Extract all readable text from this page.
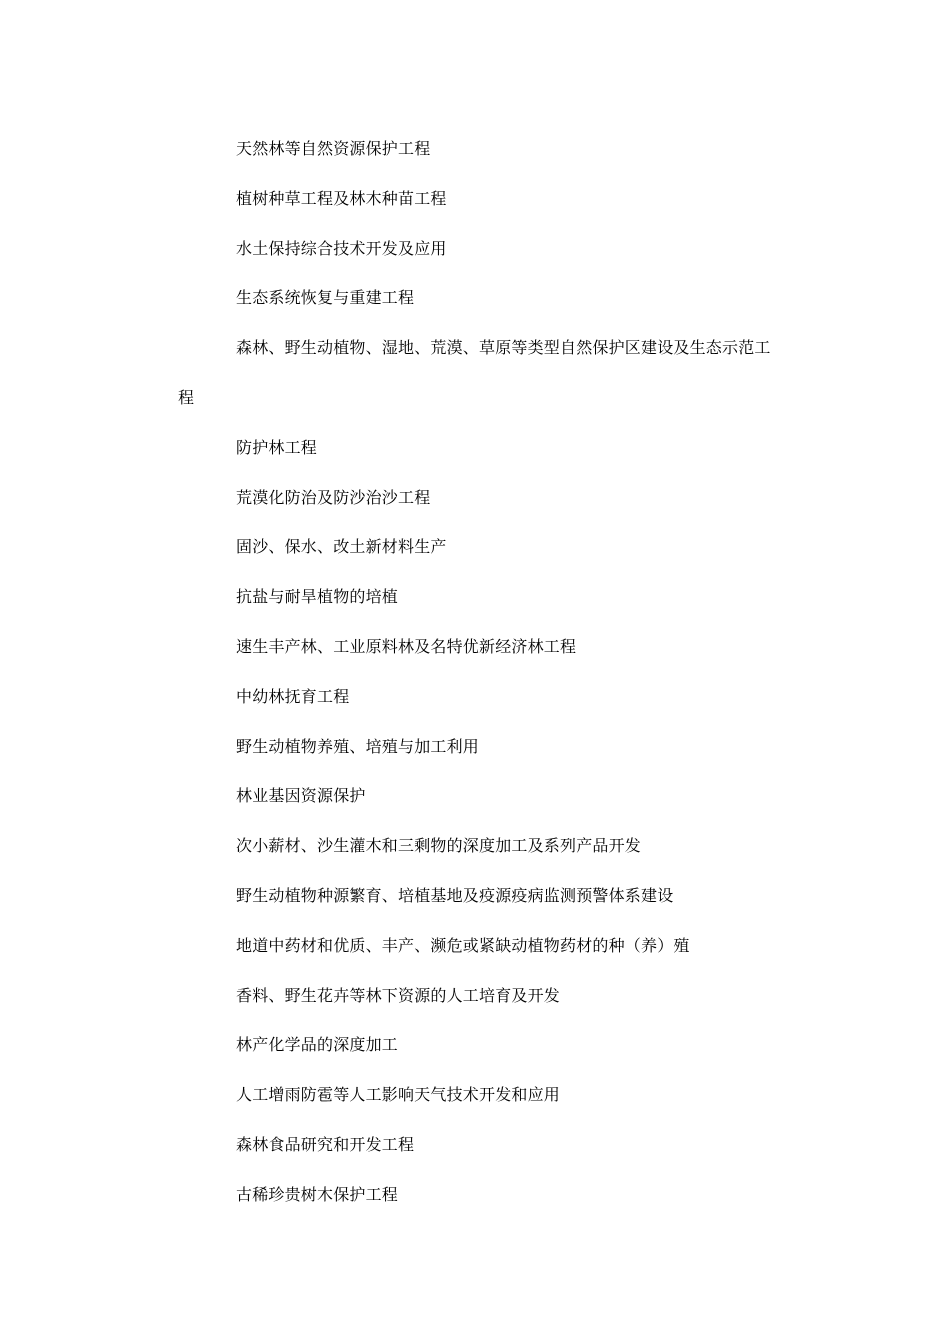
天然林等自然资源保护工程

植树种草工程及林木种苗工程

水土保持综合技术开发及应用

生态系统恢复与重建工程

森林、野生动植物、湿地、荒漠、草原等类型自然保护区建设及生态示范工程

防护林工程

荒漠化防治及防沙治沙工程

固沙、保水、改土新材料生产

抗盐与耐旱植物的培植

速生丰产林、工业原料林及名特优新经济林工程

中幼林抚育工程

野生动植物养殖、培殖与加工利用

林业基因资源保护

次小薪材、沙生灌木和三剩物的深度加工及系列产品开发

野生动植物种源繁育、培植基地及疫源疫病监测预警体系建设

地道中药材和优质、丰产、濒危或紧缺动植物药材的种（养）殖

香料、野生花卉等林下资源的人工培育及开发

林产化学品的深度加工

人工增雨防雹等人工影响天气技术开发和应用

森林食品研究和开发工程

古稀珍贵树木保护工程
